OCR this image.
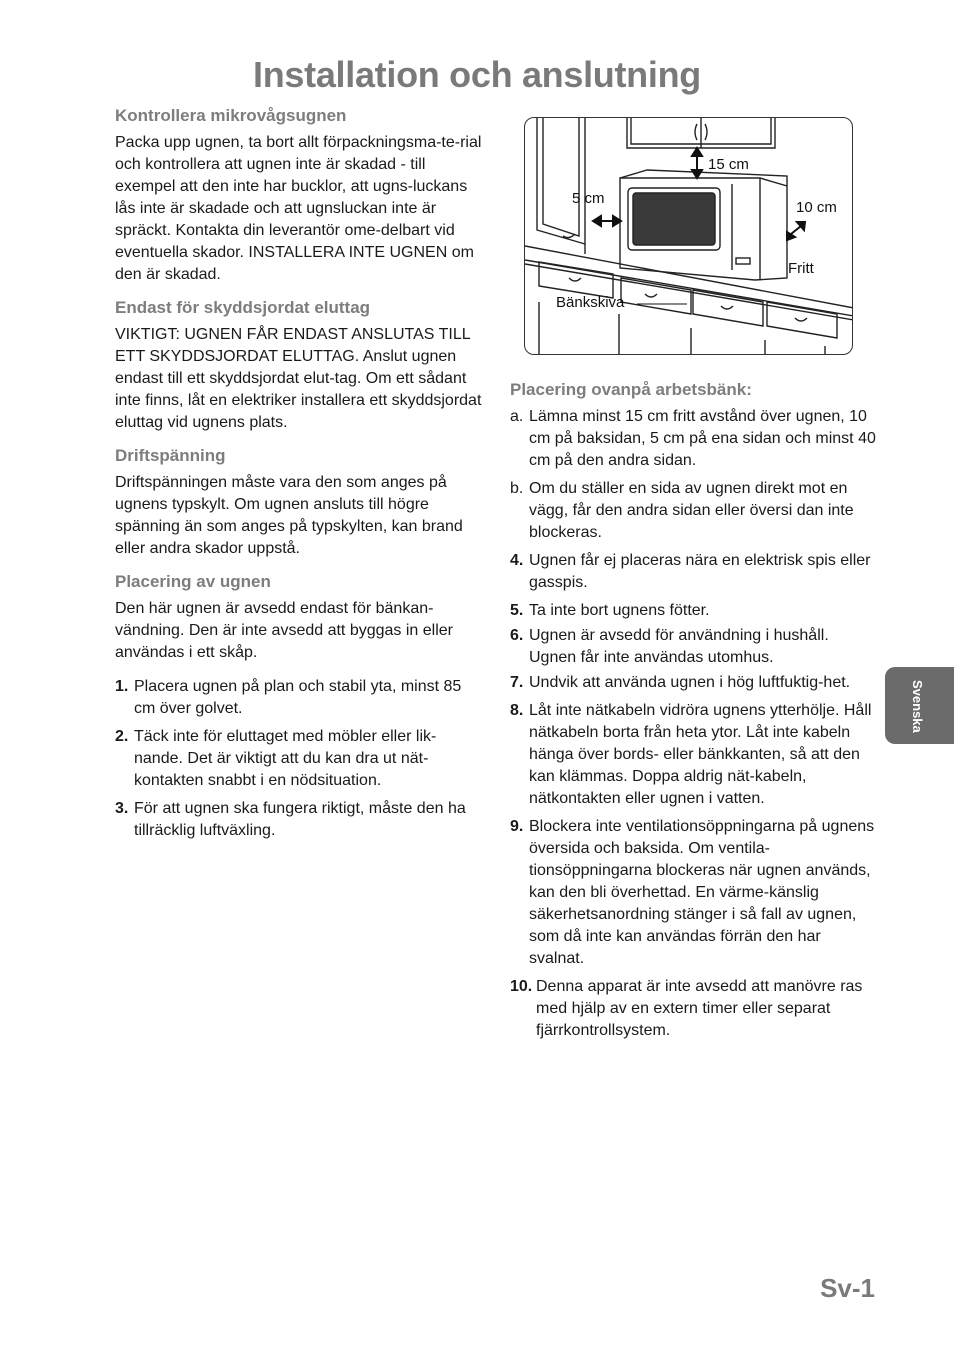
Installation och anslutning
Kontrollera mikrovågsugnen

Packa upp ugnen, ta bort allt förpackningsma-te-rial och kontrollera att ugnen inte är skadad - till exempel att den inte har bucklor, att ugns-luckans lås inte är skadade och att ugnsluckan inte är spräckt. Kontakta din leverantör ome-delbart vid eventuella skador. INSTALLERA INTE UGNEN om den är skadad.

Endast för skyddsjordat eluttag

VIKTIGT: UGNEN FÅR ENDAST ANSLUTAS TILL ETT SKYDDSJORDAT ELUTTAG. Anslut ugnen endast till ett skyddsjordat elut-tag. Om ett sådant inte finns, låt en elektriker installera ett skyddsjordat eluttag vid ugnens plats.

Driftspänning

Driftspänningen måste vara den som anges på ugnens typskylt. Om ugnen ansluts till högre spänning än som anges på typskylten, kan brand eller andra skador uppstå.

Placering av ugnen

Den här ugnen är avsedd endast för bänkan-vändning. Den är inte avsedd att byggas in eller användas i ett skåp.

1. Placera ugnen på plan och stabil yta, minst 85 cm över golvet.
2. Täck inte för eluttaget med möbler eller lik-nande. Det är viktigt att du kan dra ut nät-kontakten snabbt i en nödsituation.
3. För att ugnen ska fungera riktigt, måste den ha tillräcklig luftväxling.
15 cm
5 cm
10 cm
Fritt
Bänkskiva
Placering ovanpå arbetsbänk:
a. Lämna minst 15 cm fritt avstånd över ugnen, 10 cm på baksidan, 5 cm på ena sidan och minst 40 cm på den andra sidan.
b. Om du ställer en sida av ugnen direkt mot en vägg, får den andra sidan eller översi dan inte blockeras.
4. Ugnen får ej placeras nära en elektrisk spis eller gasspis.
5. Ta inte bort ugnens fötter.
6. Ugnen är avsedd för användning i hushåll. Ugnen får inte användas utomhus.
7. Undvik att använda ugnen i hög luftfuktig-het.
8. Låt inte nätkabeln vidröra ugnens ytterhölje. Håll nätkabeln borta från heta ytor. Låt inte kabeln hänga över bords- eller bänkkanten, så att den kan klämmas. Doppa aldrig nät-kabeln, nätkontakten eller ugnen i vatten.
9. Blockera inte ventilationsöppningarna på ugnens översida och baksida. Om ventila-tionsöppningarna blockeras när ugnen används, kan den bli överhettad. En värme-känslig säkerhetsanordning stänger i så fall av ugnen, som då inte kan användas förrän den har svalnat.
10. Denna apparat är inte avsedd att manövre ras med hjälp av en extern timer eller separat fjärrkontrollsystem.
Svenska
Sv-1
